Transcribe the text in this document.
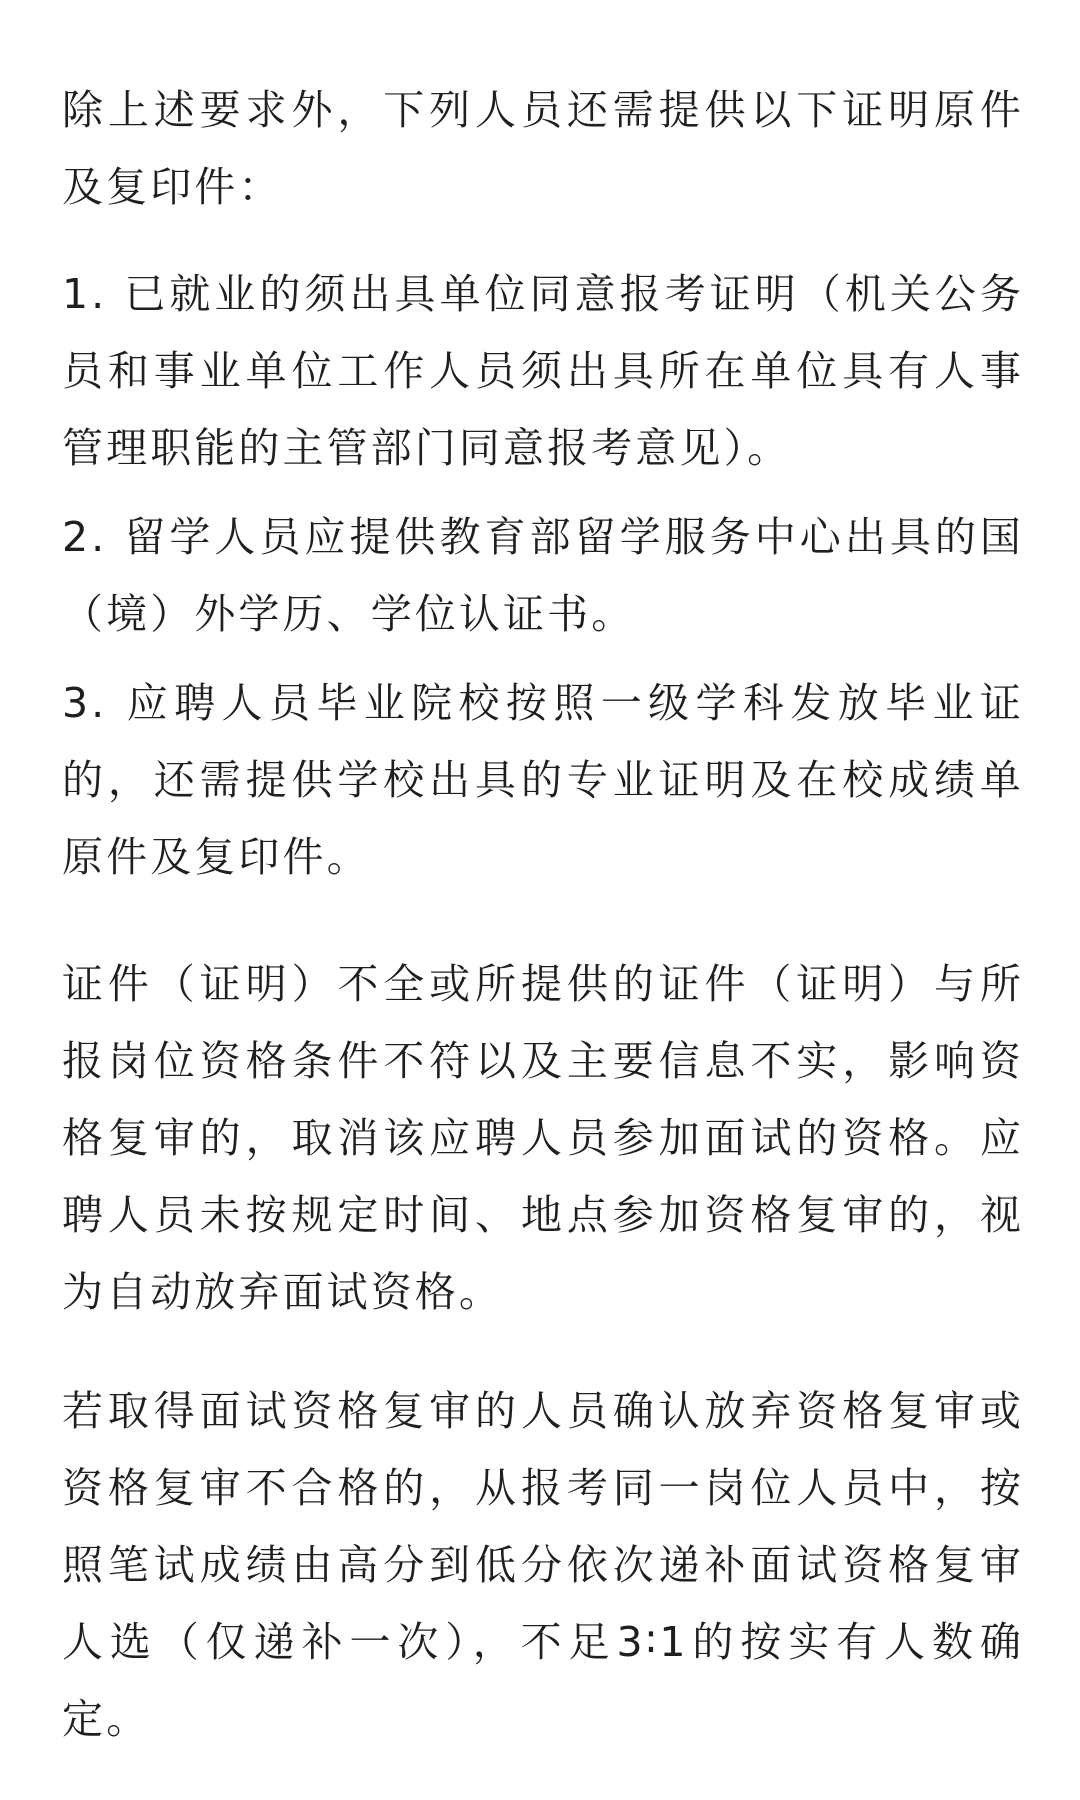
除上述要求外，下列人员还需提供以下证明原件及复印件：

1. 已就业的须出具单位同意报考证明（机关公务员和事业单位工作人员须出具所在单位具有人事管理职能的主管部门同意报考意见）。

2. 留学人员应提供教育部留学服务中心出具的国（境）外学历、学位认证书。

3. 应聘人员毕业院校按照一级学科发放毕业证的，还需提供学校出具的专业证明及在校成绩单原件及复印件。

证件（证明）不全或所提供的证件（证明）与所报岗位资格条件不符以及主要信息不实，影响资格复审的，取消该应聘人员参加面试的资格。应聘人员未按规定时间、地点参加资格复审的，视为自动放弃面试资格。

若取得面试资格复审的人员确认放弃资格复审或资格复审不合格的，从报考同一岗位人员中，按照笔试成绩由高分到低分依次递补面试资格复审人选（仅递补一次），不足3∶1的按实有人数确定。
